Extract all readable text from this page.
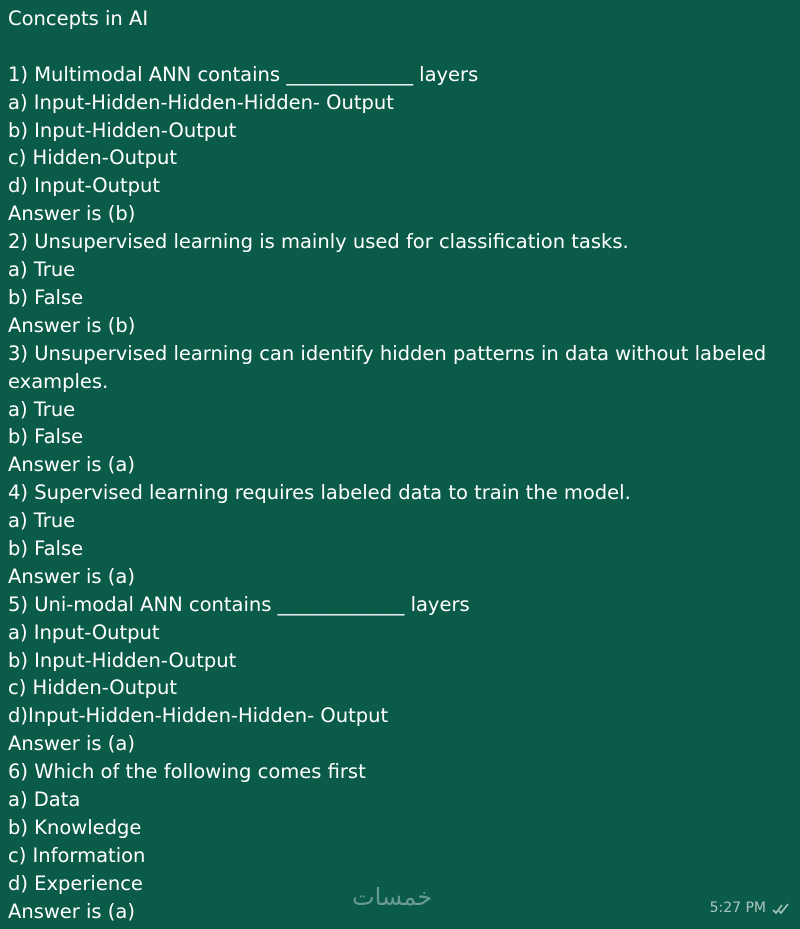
Concepts in AI
1) Multimodal ANN contains _____________ layers
a) Input-Hidden-Hidden-Hidden- Output
b) Input-Hidden-Output
c) Hidden-Output
d) Input-Output
Answer is (b)
2) Unsupervised learning is mainly used for classification tasks.
a) True
b) False
Answer is (b)
3) Unsupervised learning can identify hidden patterns in data without labeled examples.
a) True
b) False
Answer is (a)
4) Supervised learning requires labeled data to train the model.
a) True
b) False
Answer is (a)
5) Uni-modal ANN contains _____________ layers
a) Input-Output
b) Input-Hidden-Output
c) Hidden-Output
d)Input-Hidden-Hidden-Hidden- Output
Answer is (a)
6) Which of the following comes first
a) Data
b) Knowledge
c) Information
d) Experience
Answer is (a)
خمسات	5:27 PM
